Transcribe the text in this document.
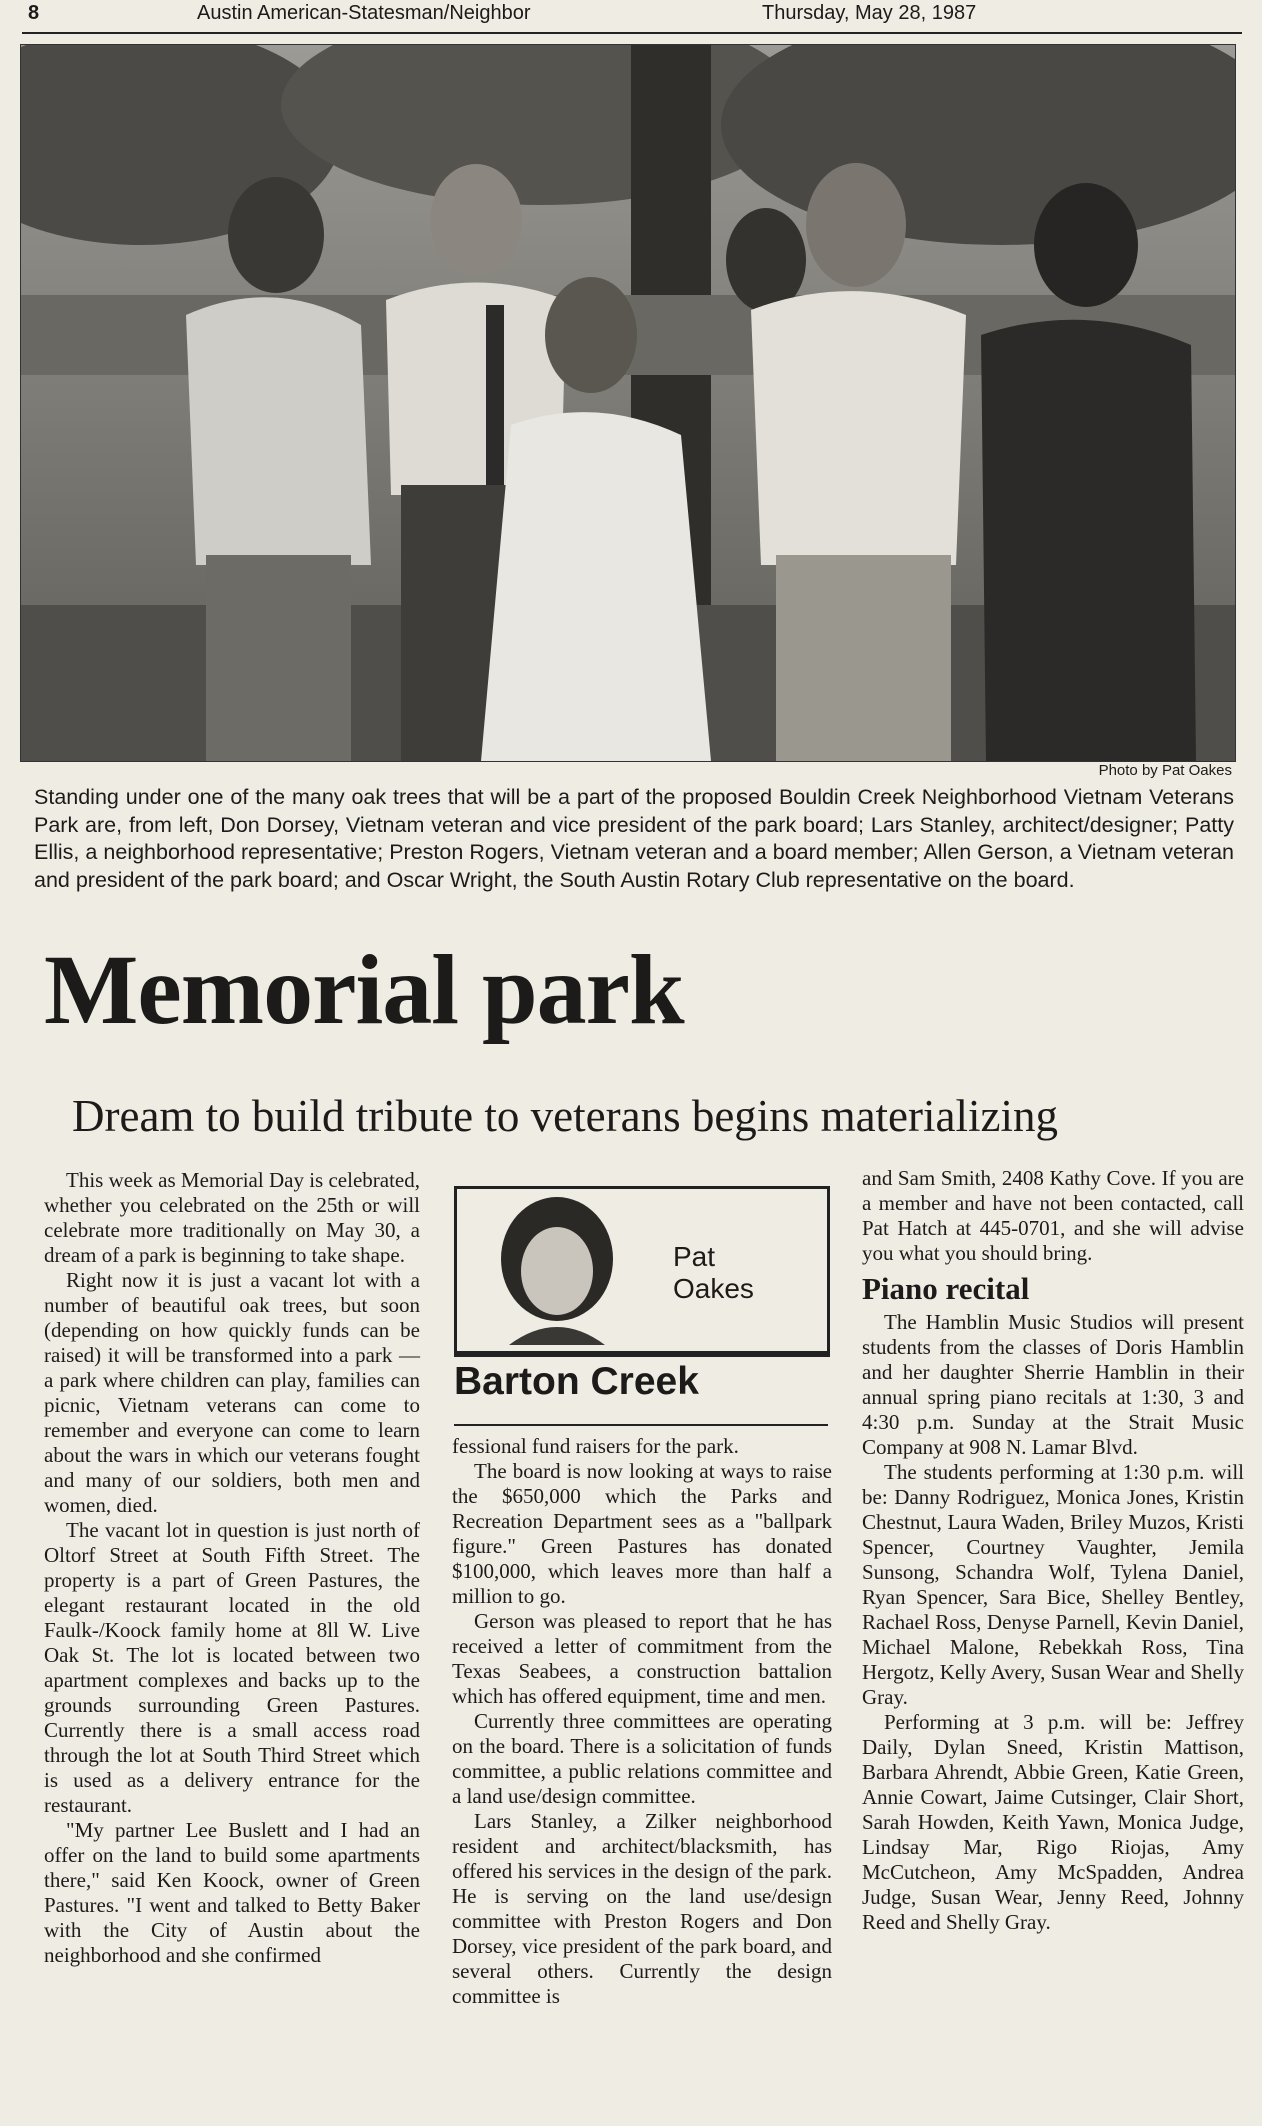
8	Austin American-Statesman/Neighbor	Thursday, May 28, 1987
Photo by Pat Oakes
Standing under one of the many oak trees that will be a part of the proposed Bouldin Creek Neighborhood Vietnam Veterans Park are, from left, Don Dorsey, Vietnam veteran and vice president of the park board; Lars Stanley, architect/designer; Patty Ellis, a neighborhood representative; Preston Rogers, Vietnam veteran and a board member; Allen Gerson, a Vietnam veteran and president of the park board; and Oscar Wright, the South Austin Rotary Club representative on the board.
Memorial park
Dream to build tribute to veterans begins materializing

This week as Memorial Day is celebrated, whether you celebrated on the 25th or will celebrate more traditionally on May 30, a dream of a park is beginning to take shape.

Right now it is just a vacant lot with a number of beautiful oak trees, but soon (depending on how quickly funds can be raised) it will be transformed into a park — a park where children can play, families can picnic, Vietnam veterans can come to remember and everyone can come to learn about the wars in which our veterans fought and many of our soldiers, both men and women, died.

The vacant lot in question is just north of Oltorf Street at South Fifth Street. The property is a part of Green Pastures, the elegant restaurant located in the old Faulk-/Koock family home at 8ll W. Live Oak St. The lot is located between two apartment complexes and backs up to the grounds surrounding Green Pastures. Currently there is a small access road through the lot at South Third Street which is used as a delivery entrance for the restaurant.

"My partner Lee Buslett and I had an offer on the land to build some apartments there," said Ken Koock, owner of Green Pastures. "I went and talked to Betty Baker with the City of Austin about the neighborhood and she confirmed

Pat
Oakes
Barton Creek

fessional fund raisers for the park.

The board is now looking at ways to raise the $650,000 which the Parks and Recreation Department sees as a "ballpark figure." Green Pastures has donated $100,000, which leaves more than half a million to go.

Gerson was pleased to report that he has received a letter of commitment from the Texas Seabees, a construction battalion which has offered equipment, time and men.

Currently three committees are operating on the board. There is a solicitation of funds committee, a public relations committee and a land use/design committee.

Lars Stanley, a Zilker neighborhood resident and architect/blacksmith, has offered his services in the design of the park. He is serving on the land use/design committee with Preston Rogers and Don Dorsey, vice president of the park board, and several others. Currently the design committee is

and Sam Smith, 2408 Kathy Cove. If you are a member and have not been contacted, call Pat Hatch at 445-0701, and she will advise you what you should bring.

Piano recital

The Hamblin Music Studios will present students from the classes of Doris Hamblin and her daughter Sherrie Hamblin in their annual spring piano recitals at 1:30, 3 and 4:30 p.m. Sunday at the Strait Music Company at 908 N. Lamar Blvd.

The students performing at 1:30 p.m. will be: Danny Rodriguez, Monica Jones, Kristin Chestnut, Laura Waden, Briley Muzos, Kristi Spencer, Courtney Vaughter, Jemila Sunsong, Schandra Wolf, Tylena Daniel, Ryan Spencer, Sara Bice, Shelley Bentley, Rachael Ross, Denyse Parnell, Kevin Daniel, Michael Malone, Rebekkah Ross, Tina Hergotz, Kelly Avery, Susan Wear and Shelly Gray.

Performing at 3 p.m. will be: Jeffrey Daily, Dylan Sneed, Kristin Mattison, Barbara Ahrendt, Abbie Green, Katie Green, Annie Cowart, Jaime Cutsinger, Clair Short, Sarah Howden, Keith Yawn, Monica Judge, Lindsay Mar, Rigo Riojas, Amy McCutcheon, Amy McSpadden, Andrea Judge, Susan Wear, Jenny Reed, Johnny Reed and Shelly Gray.
